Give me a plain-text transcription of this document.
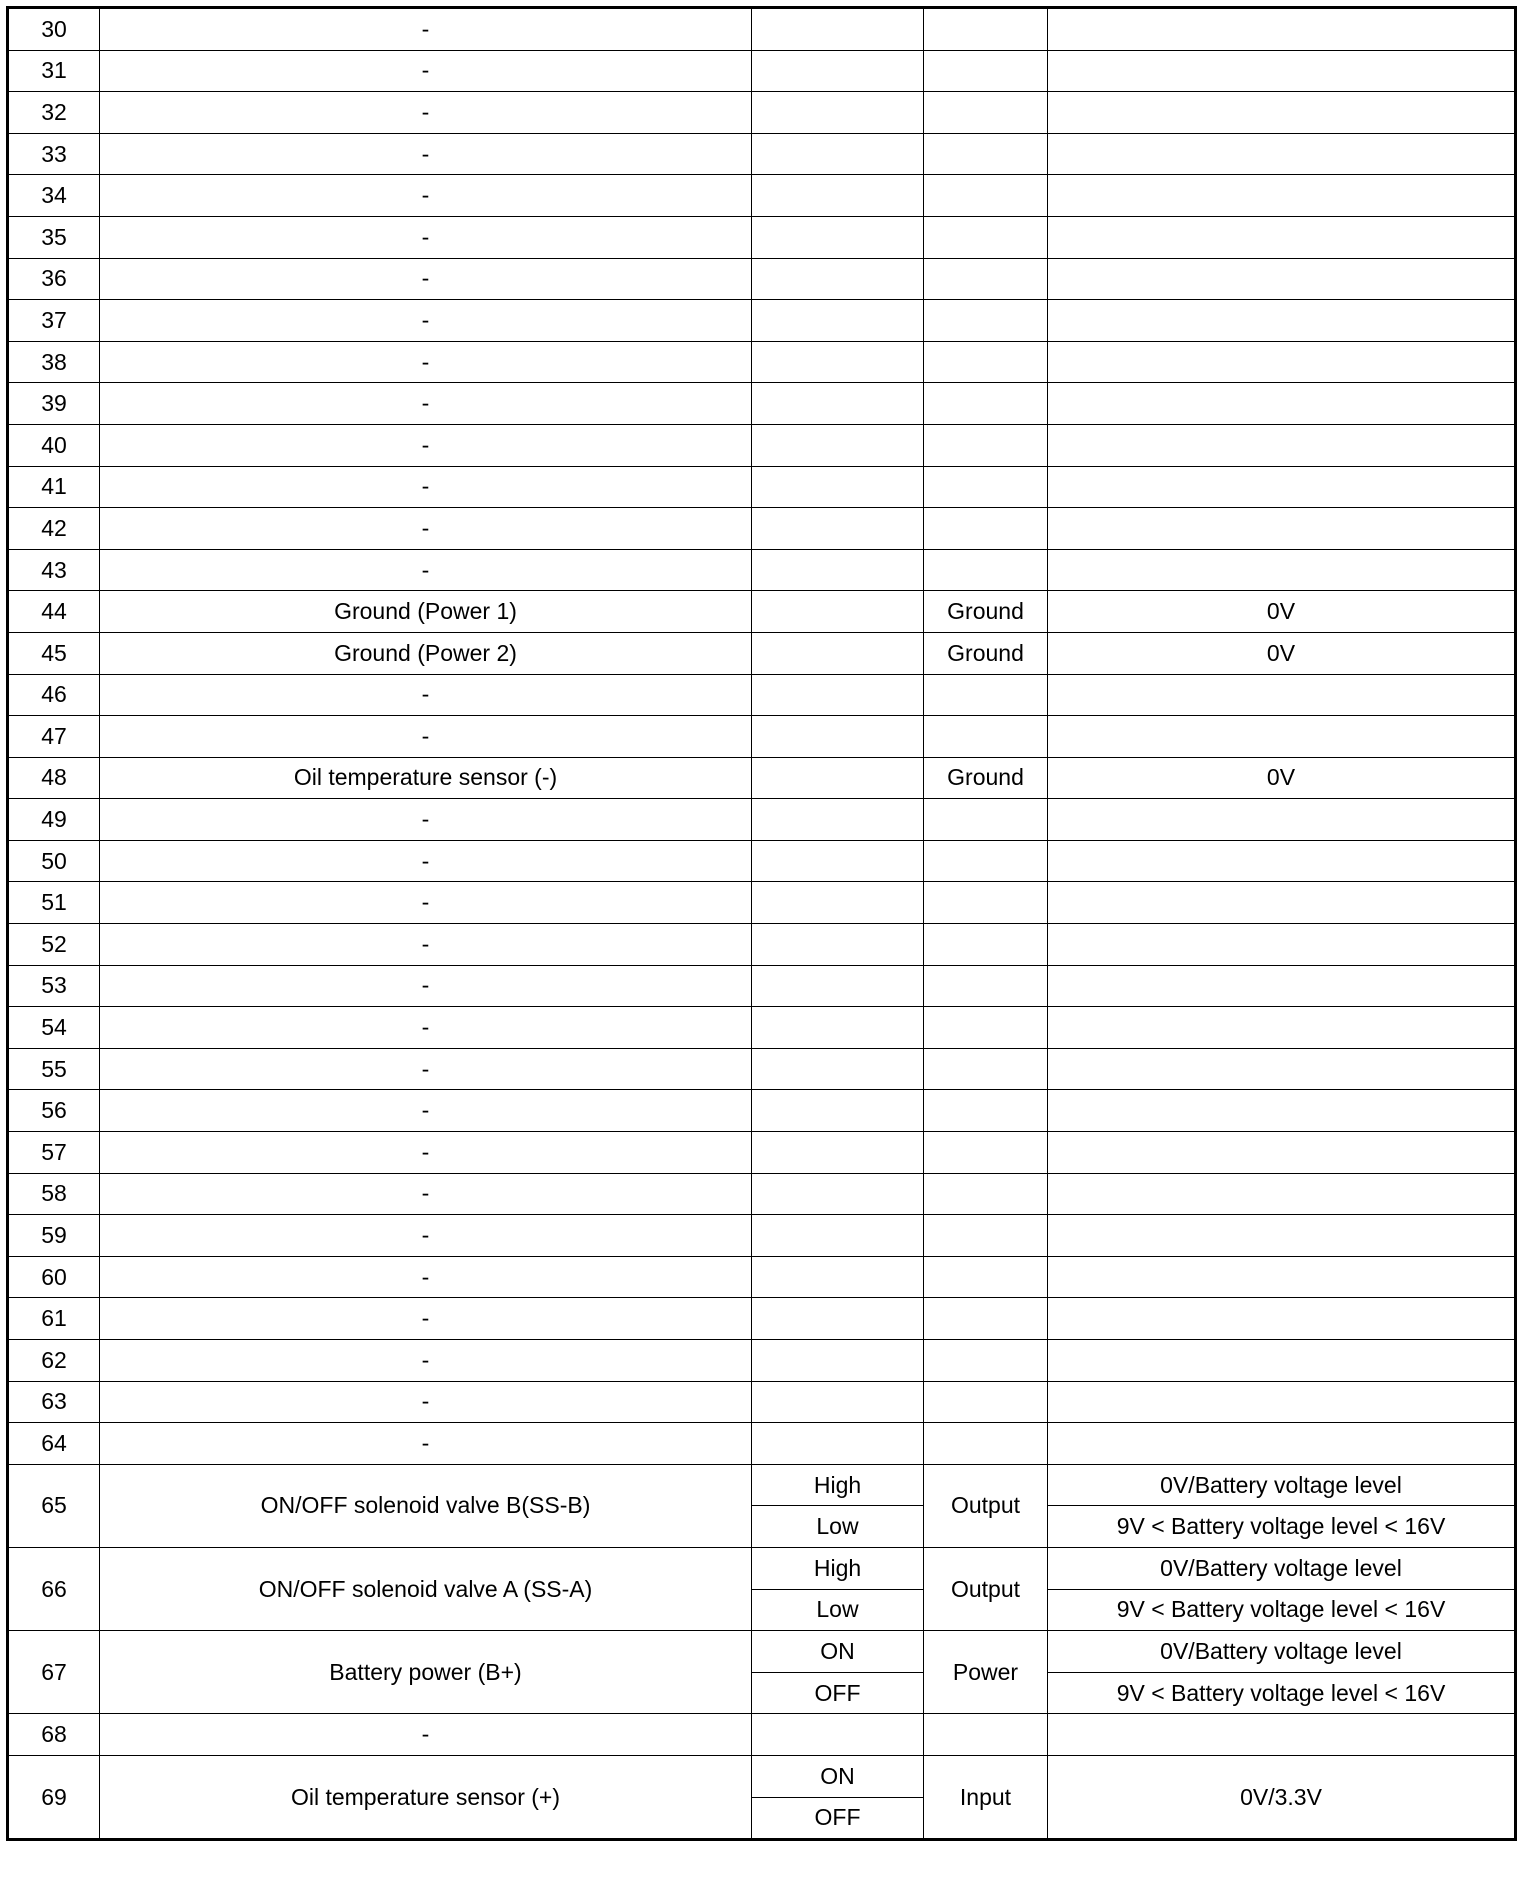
30	-			
31	-			
32	-			
33	-			
34	-			
35	-			
36	-			
37	-			
38	-			
39	-			
40	-			
41	-			
42	-			
43	-			
44	Ground (Power 1)		Ground	0V
45	Ground (Power 2)		Ground	0V
46	-			
47	-			
48	Oil temperature sensor (-)		Ground	0V
49	-			
50	-			
51	-			
52	-			
53	-			
54	-			
55	-			
56	-			
57	-			
58	-			
59	-			
60	-			
61	-			
62	-			
63	-			
64	-			
65	ON/OFF solenoid valve B(SS-B)	High	Output	0V/Battery voltage level
		Low		9V < Battery voltage level < 16V
66	ON/OFF solenoid valve A (SS-A)	High	Output	0V/Battery voltage level
		Low		9V < Battery voltage level < 16V
67	Battery power (B+)	ON	Power	0V/Battery voltage level
		OFF		9V < Battery voltage level < 16V
68	-			
69	Oil temperature sensor (+)	ON	Input	0V/3.3V
		OFF		
